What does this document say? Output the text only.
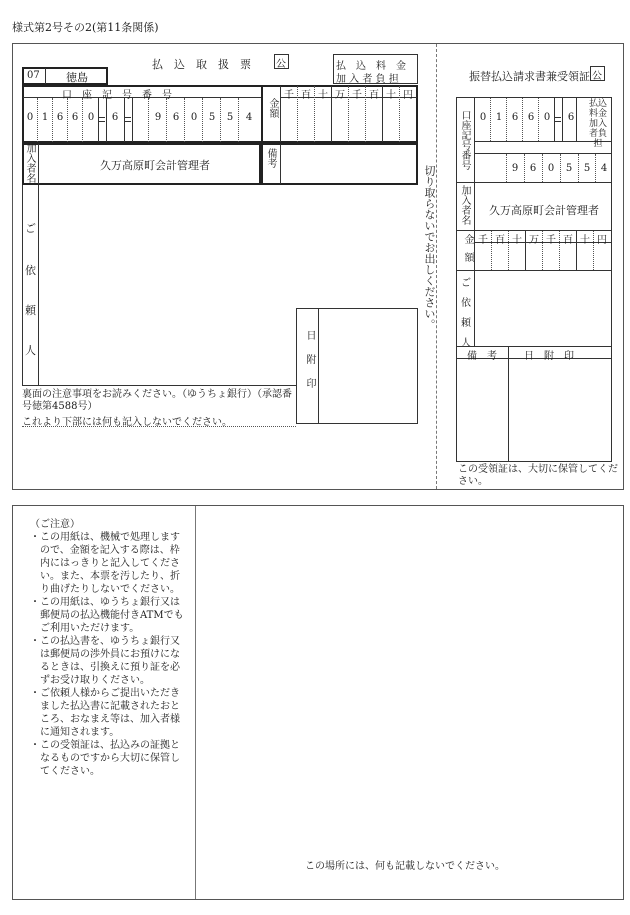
様式第2号その2(第11条関係)
払　込　取　扱　票	公	払　込　料　金
加 入 者 負 担
07 徳島
口　座　記　号　番　号
金額
千 百 十 万 千 百 十 円
0 1 6 6 0	6	9	6	0	5	5	4
加入者名	久万高原町会計管理者	備考
ご
依
頼
人	日附印
裏面の注意事項をお読みください。（ゆうちょ銀行）（承認番号徳第4588号）
これより下部には何も記入しないでください。
切り取らないでお出しください。
振替払込請求書兼受領証 公
口座記号番号
払込料金加入者負担
0 1 6 6 0	6
9	6	0	5	5	4
加入者名 久万高原町会計管理者
金額 千 百 十 万 千 百 十 円
ご
依
頼
人
備　考	日　附　印
この受領証は、大切に保管してください。

（ご注意）

・この用紙は、機械で処理しますので、金額を記入する際は、枠内にはっきりと記入してください。また、本票を汚したり、折り曲げたりしないでください。

・この用紙は、ゆうちょ銀行又は郵便局の払込機能付きATMでもご利用いただけます。

・この払込書を、ゆうちょ銀行又は郵便局の渉外員にお預けになるときは、引換えに預り証を必ずお受け取りください。

・ご依頼人様からご提出いただきました払込書に記載されたおところ、おなまえ等は、加入者様に通知されます。

・この受領証は、払込みの証拠となるものですから大切に保管してください。

この場所には、何も記載しないでください。
